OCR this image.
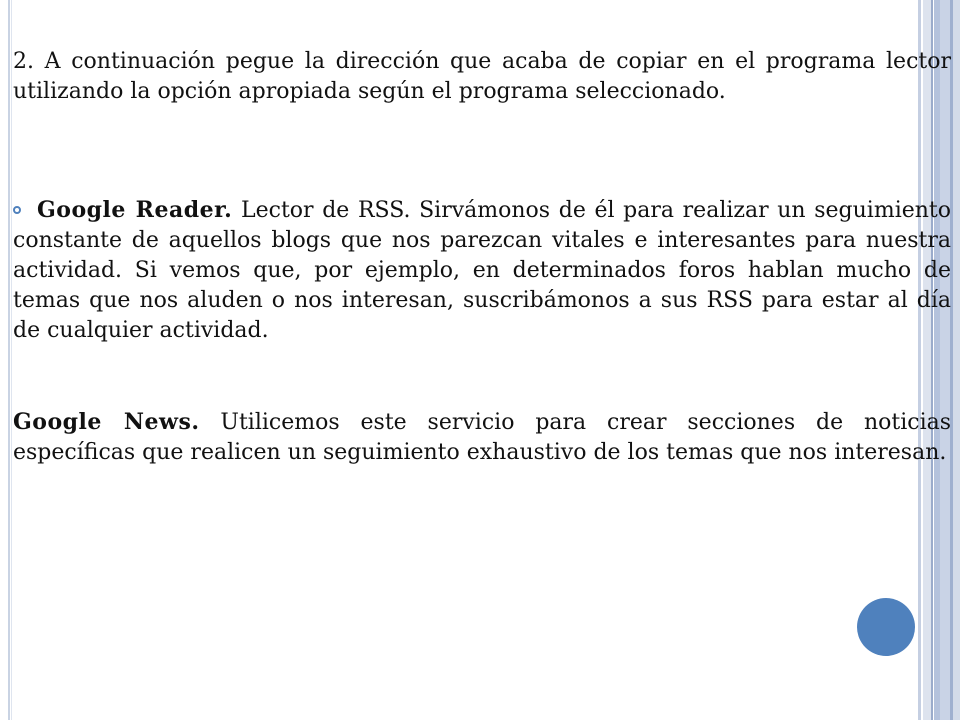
2. A continuación pegue la dirección que acaba de copiar en el programa lector utilizando la opción apropiada según el programa seleccionado.

Google Reader. Lector de RSS. Sirvámonos de él para realizar un seguimiento constante de aquellos blogs que nos parezcan vitales e interesantes para nuestra actividad. Si vemos que, por ejemplo, en determinados foros hablan mucho de temas que nos aluden o nos interesan, suscribámonos a sus RSS para estar al día de cualquier actividad.

Google News. Utilicemos este servicio para crear secciones de noticias específicas que realicen un seguimiento exhaustivo de los temas que nos interesan.
